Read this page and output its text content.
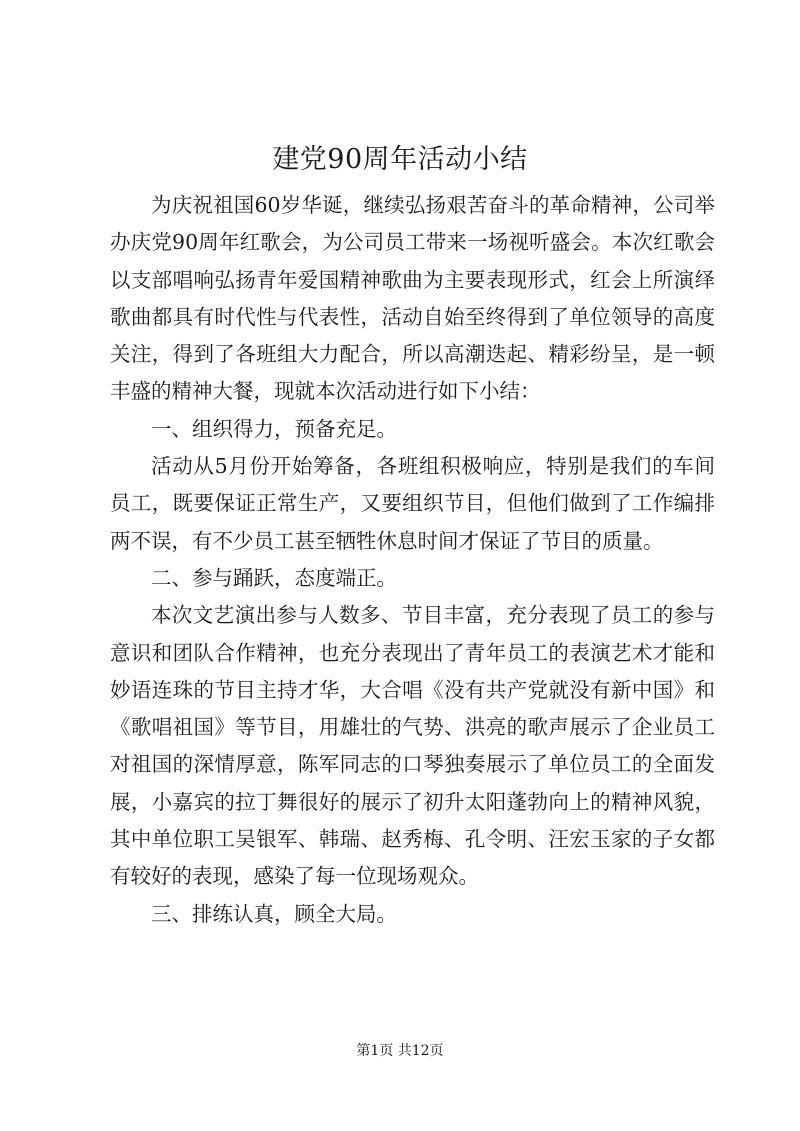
建党90周年活动小结

为庆祝祖国60岁华诞，继续弘扬艰苦奋斗的革命精神，公司举办庆党90周年红歌会，为公司员工带来一场视听盛会。本次红歌会以支部唱响弘扬青年爱国精神歌曲为主要表现形式，红会上所演绎歌曲都具有时代性与代表性，活动自始至终得到了单位领导的高度关注，得到了各班组大力配合，所以高潮迭起、精彩纷呈，是一顿丰盛的精神大餐，现就本次活动进行如下小结：

一、组织得力，预备充足。

活动从5月份开始筹备，各班组积极响应，特别是我们的车间员工，既要保证正常生产，又要组织节目，但他们做到了工作编排两不误，有不少员工甚至牺牲休息时间才保证了节目的质量。

二、参与踊跃，态度端正。

本次文艺演出参与人数多、节目丰富，充分表现了员工的参与意识和团队合作精神，也充分表现出了青年员工的表演艺术才能和妙语连珠的节目主持才华，大合唱《没有共产党就没有新中国》和《歌唱祖国》等节目，用雄壮的气势、洪亮的歌声展示了企业员工对祖国的深情厚意，陈军同志的口琴独奏展示了单位员工的全面发展，小嘉宾的拉丁舞很好的展示了初升太阳蓬勃向上的精神风貌，其中单位职工吴银军、韩瑞、赵秀梅、孔令明、汪宏玉家的子女都有较好的表现，感染了每一位现场观众。

三、排练认真，顾全大局。

第1页 共12页
